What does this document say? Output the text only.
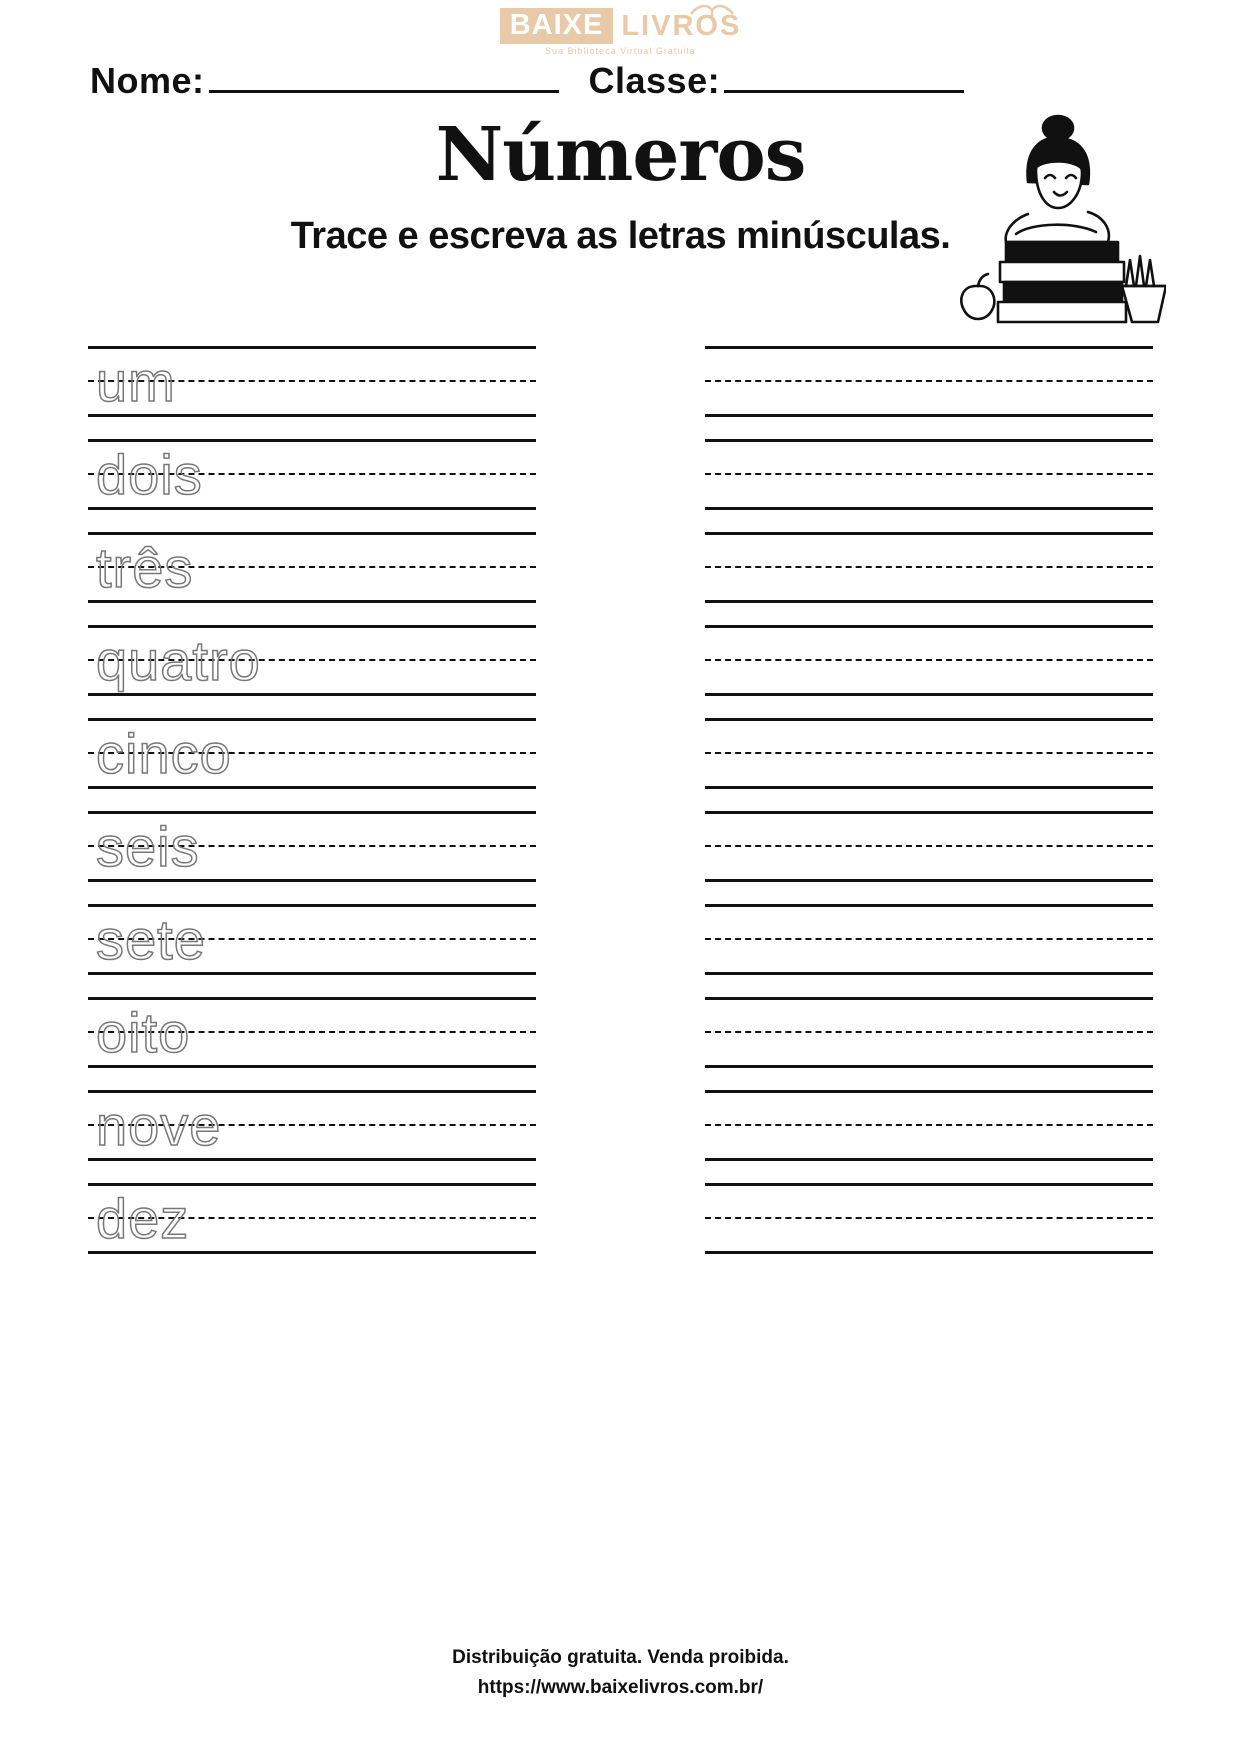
BAIXE LIVROS
Sua Biblioteca Virtual Gratuita
Nome:	Classe:
Números
Trace e escreva as letras minúsculas.
um
dois
três
quatro
cinco
seis
sete
oito
nove
dez
Distribuição gratuita. Venda proibida.
https://www.baixelivros.com.br/
